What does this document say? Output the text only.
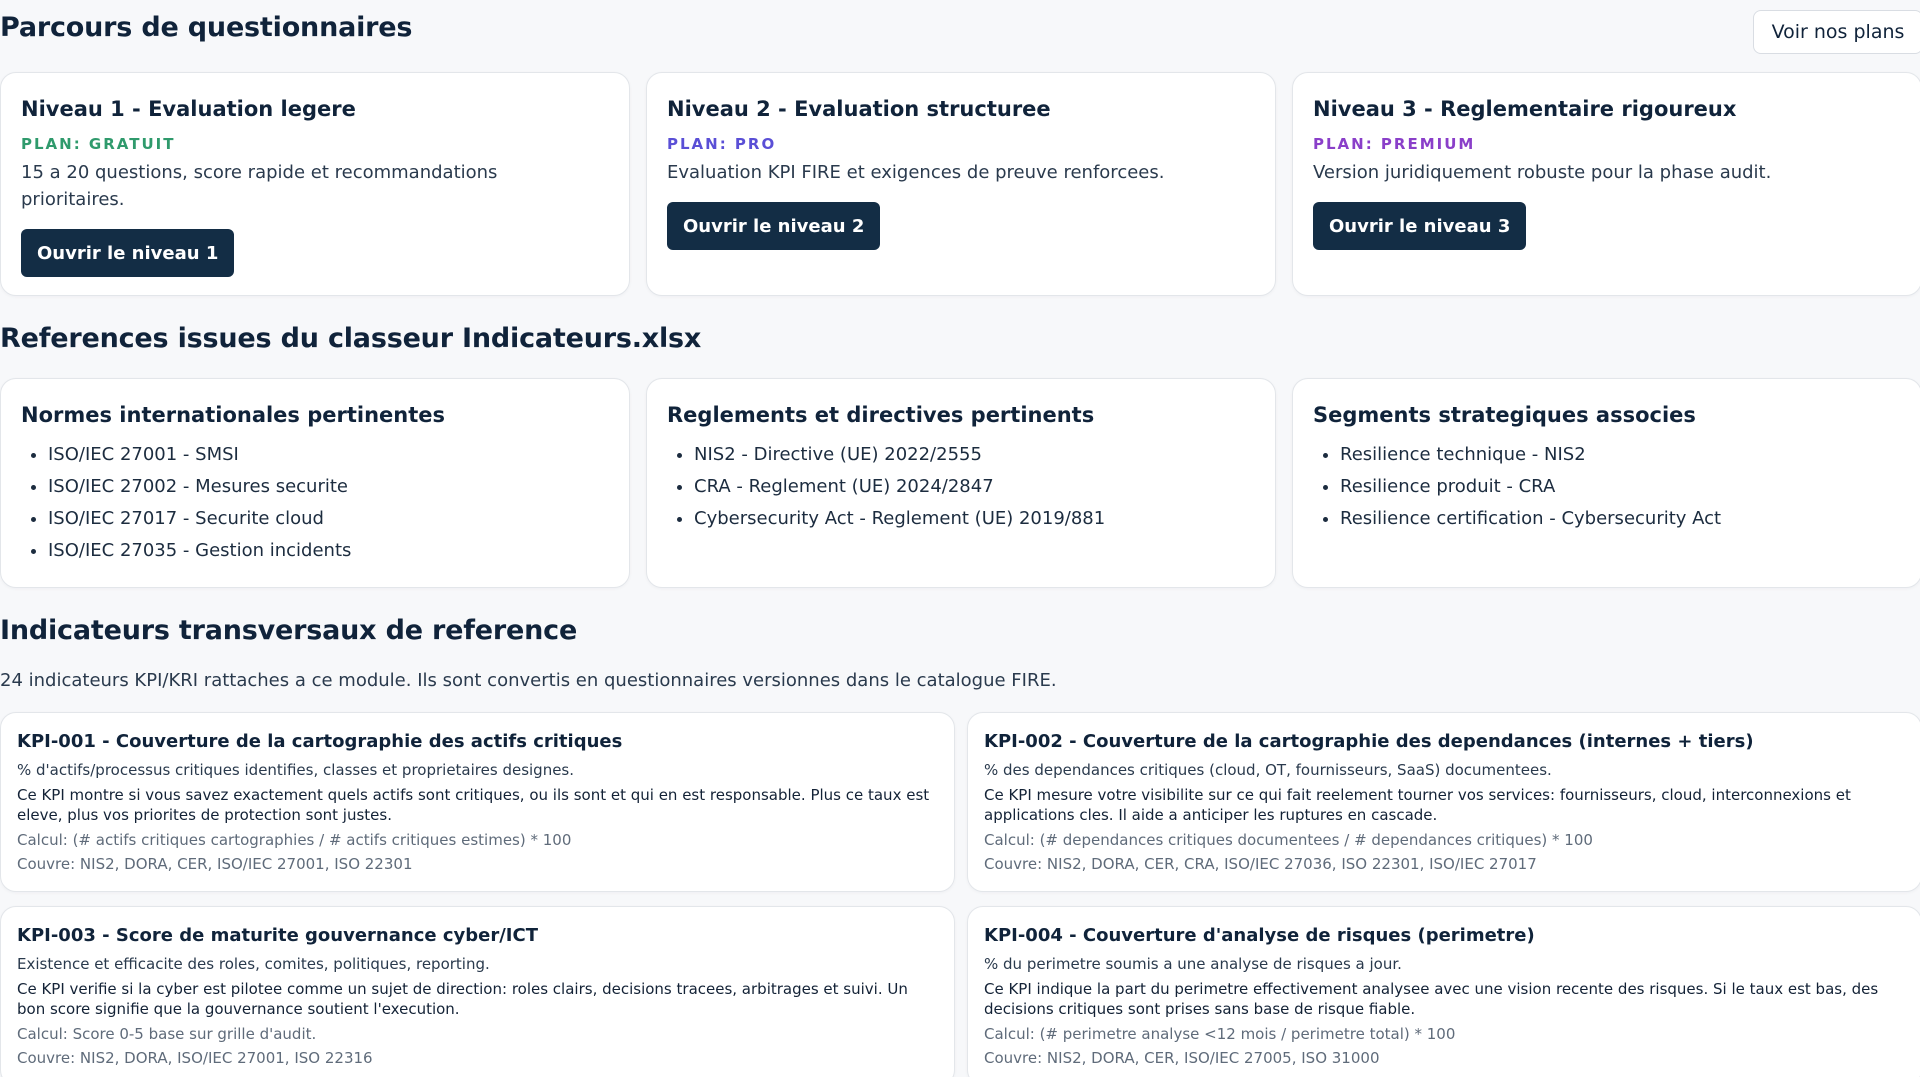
Parcours de questionnaires	Voir nos plans
Niveau 1 - Evaluation legere
PLAN: GRATUIT
15 a 20 questions, score rapide et recommandations prioritaires.
Ouvrir le niveau 1
Niveau 2 - Evaluation structuree
PLAN: PRO
Evaluation KPI FIRE et exigences de preuve renforcees.
Ouvrir le niveau 2
Niveau 3 - Reglementaire rigoureux
PLAN: PREMIUM
Version juridiquement robuste pour la phase audit.
Ouvrir le niveau 3
References issues du classeur Indicateurs.xlsx
Normes internationales pertinentes
• ISO/IEC 27001 - SMSI
• ISO/IEC 27002 - Mesures securite
• ISO/IEC 27017 - Securite cloud
• ISO/IEC 27035 - Gestion incidents
Reglements et directives pertinents
• NIS2 - Directive (UE) 2022/2555
• CRA - Reglement (UE) 2024/2847
• Cybersecurity Act - Reglement (UE) 2019/881
Segments strategiques associes
• Resilience technique - NIS2
• Resilience produit - CRA
• Resilience certification - Cybersecurity Act
Indicateurs transversaux de reference
24 indicateurs KPI/KRI rattaches a ce module. Ils sont convertis en questionnaires versionnes dans le catalogue FIRE.
KPI-001 - Couverture de la cartographie des actifs critiques
% d'actifs/processus critiques identifies, classes et proprietaires designes.
Ce KPI montre si vous savez exactement quels actifs sont critiques, ou ils sont et qui en est responsable. Plus ce taux est eleve, plus vos priorites de protection sont justes.
Calcul: (# actifs critiques cartographies / # actifs critiques estimes) * 100
Couvre: NIS2, DORA, CER, ISO/IEC 27001, ISO 22301
KPI-002 - Couverture de la cartographie des dependances (internes + tiers)
% des dependances critiques (cloud, OT, fournisseurs, SaaS) documentees.
Ce KPI mesure votre visibilite sur ce qui fait reelement tourner vos services: fournisseurs, cloud, interconnexions et applications cles. Il aide a anticiper les ruptures en cascade.
Calcul: (# dependances critiques documentees / # dependances critiques) * 100
Couvre: NIS2, DORA, CER, CRA, ISO/IEC 27036, ISO 22301, ISO/IEC 27017
KPI-003 - Score de maturite gouvernance cyber/ICT
Existence et efficacite des roles, comites, politiques, reporting.
Ce KPI verifie si la cyber est pilotee comme un sujet de direction: roles clairs, decisions tracees, arbitrages et suivi. Un bon score signifie que la gouvernance soutient l'execution.
Calcul: Score 0-5 base sur grille d'audit.
Couvre: NIS2, DORA, ISO/IEC 27001, ISO 22316
KPI-004 - Couverture d'analyse de risques (perimetre)
% du perimetre soumis a une analyse de risques a jour.
Ce KPI indique la part du perimetre effectivement analysee avec une vision recente des risques. Si le taux est bas, des decisions critiques sont prises sans base de risque fiable.
Calcul: (# perimetre analyse <12 mois / perimetre total) * 100
Couvre: NIS2, DORA, CER, ISO/IEC 27005, ISO 31000
